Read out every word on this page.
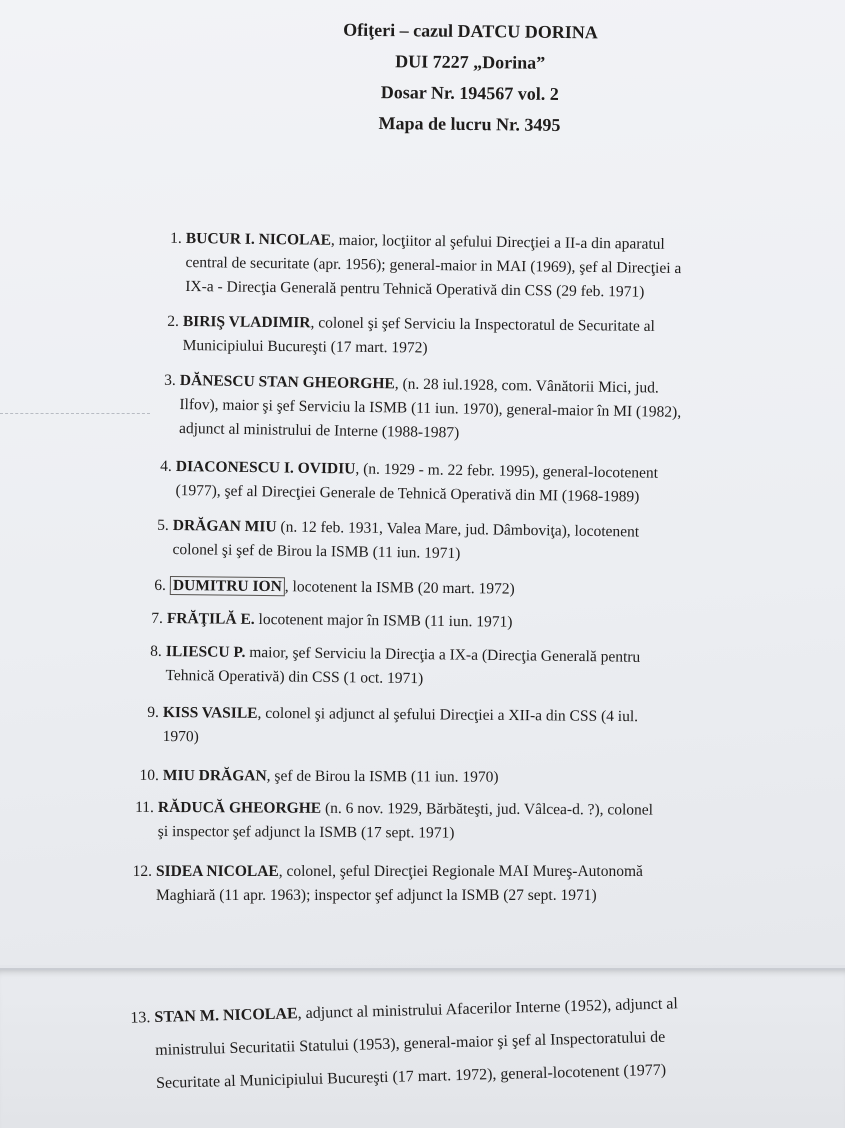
Ofiţeri – cazul DATCU DORINA
DUI 7227 „Dorina”
Dosar Nr. 194567 vol. 2
Mapa de lucru Nr. 3495
1. BUCUR I. NICOLAE, maior, locţiitor al şefului Direcţiei a II-a din aparatul
central de securitate (apr. 1956); general-maior in MAI (1969), şef al Direcţiei a
IX-a - Direcţia Generală pentru Tehnică Operativă din CSS (29 feb. 1971)
2. BIRIŞ VLADIMIR, colonel şi şef Serviciu la Inspectoratul de Securitate al
Municipiului Bucureşti (17 mart. 1972)
3. DĂNESCU STAN GHEORGHE, (n. 28 iul.1928, com. Vânătorii Mici, jud.
Ilfov), maior şi şef Serviciu la ISMB (11 iun. 1970), general-maior în MI (1982),
adjunct al ministrului de Interne (1988-1987)
4. DIACONESCU I. OVIDIU, (n. 1929 - m. 22 febr. 1995), general-locotenent
(1977), şef al Direcţiei Generale de Tehnică Operativă din MI (1968-1989)
5. DRĂGAN MIU (n. 12 feb. 1931, Valea Mare, jud. Dâmboviţa), locotenent
colonel şi şef de Birou la ISMB (11 iun. 1971)
6. DUMITRU ION , locotenent la ISMB (20 mart. 1972)
7. FRĂŢILĂ E. locotenent major în ISMB (11 iun. 1971)
8. ILIESCU P. maior, şef Serviciu la Direcţia a IX-a (Direcţia Generală pentru
Tehnică Operativă) din CSS (1 oct. 1971)
9. KISS VASILE, colonel şi adjunct al şefului Direcţiei a XII-a din CSS (4 iul.
1970)
10. MIU DRĂGAN, şef de Birou la ISMB (11 iun. 1970)
11. RĂDUCĂ GHEORGHE (n. 6 nov. 1929, Bărbăteşti, jud. Vâlcea-d. ?), colonel
şi inspector şef adjunct la ISMB (17 sept. 1971)
12. SIDEA NICOLAE, colonel, şeful Direcţiei Regionale MAI Mureş-Autonomă
Maghiară (11 apr. 1963); inspector şef adjunct la ISMB (27 sept. 1971)
13. STAN M. NICOLAE, adjunct al ministrului Afacerilor Interne (1952), adjunct al
ministrului Securitatii Statului (1953), general-maior şi şef al Inspectoratului de
Securitate al Municipiului Bucureşti (17 mart. 1972), general-locotenent (1977)
